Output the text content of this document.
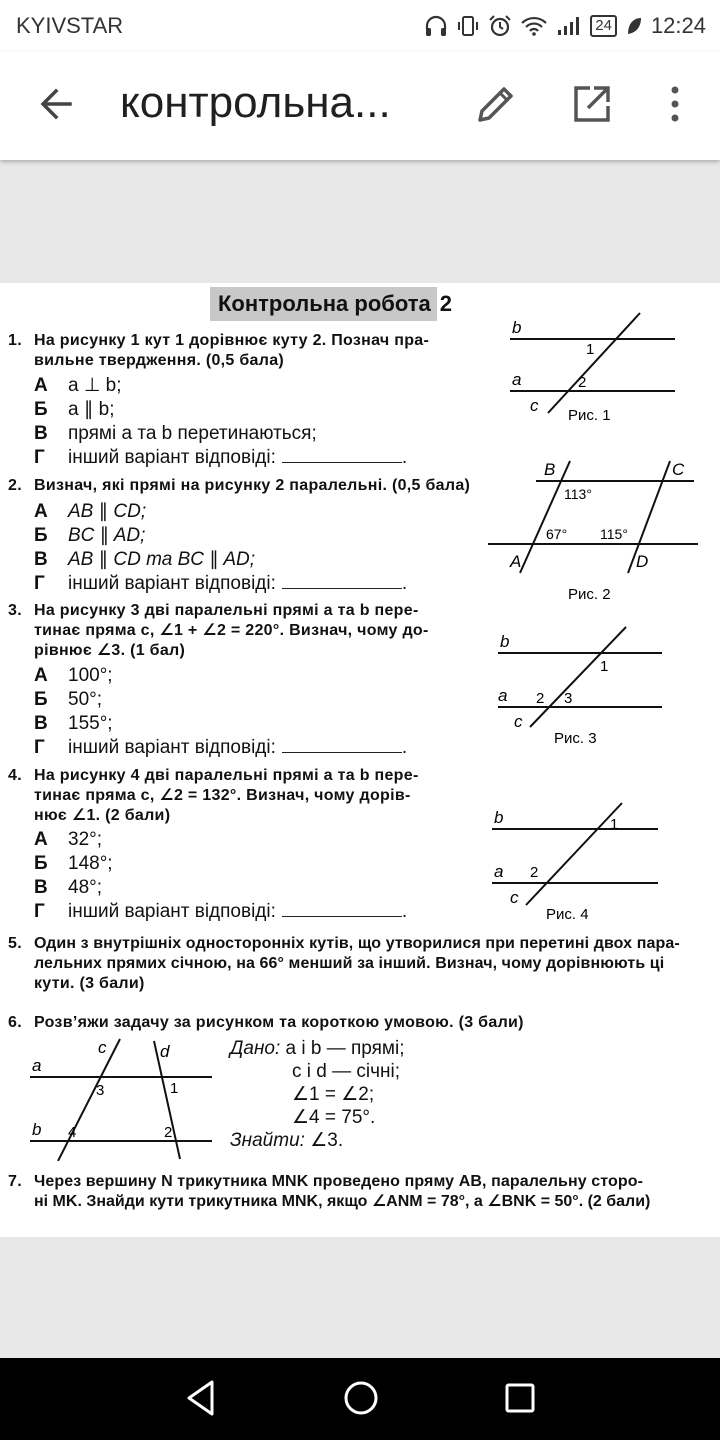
KYIVSTAR	24 12:24
контрольна...
Контрольна робота 2
1. На рисунку 1 кут 1 дорівнює куту 2. Познач пра-
вильне твердження. (0,5 бала)
А a ⊥ b;
Б a ∥ b;
В прямі a та b перетинаються;
Г інший варіант відповіді:	.
b
a
c
1
2
Рис. 1
2. Визнач, які прямі на рисунку 2 паралельні. (0,5 бала)
А AB ∥ CD;
Б BC ∥ AD;
В AB ∥ CD та BC ∥ AD;
Г інший варіант відповіді:	.
B	C
A	D
113°
67° 115°
Рис. 2
3. На рисунку 3 дві паралельні прямі a та b пере-
тинає пряма c, ∠1 + ∠2 = 220°. Визнач, чому до-
рівнює ∠3. (1 бал)
А 100°;
Б 50°;
В 155°;
Г інший варіант відповіді:	.
b
a
c
1
2 3
Рис. 3
4. На рисунку 4 дві паралельні прямі a та b пере-
тинає пряма c, ∠2 = 132°. Визнач, чому дорів-
нює ∠1. (2 бали)
А 32°;
Б 148°;
В 48°;
Г інший варіант відповіді:	.
b
a
c
1
2
Рис. 4
5. Один з внутрішніх односторонніх кутів, що утворилися при перетині двох пара-
лельних прямих січною, на 66° менший за інший. Визнач, чому дорівнюють ці
кути. (3 бали)
6. Розв’яжи задачу за рисунком та короткою умовою. (3 бали)
a
b
c	d
3	1
4	2
Дано: a і b — прямі;
c і d — січні;
∠1 = ∠2;
∠4 = 75°.
Знайти: ∠3.
7. Через вершину N трикутника MNK проведено пряму AB, паралельну сторо-
ні MK. Знайди кути трикутника MNK, якщо ∠ANM = 78°, а ∠BNK = 50°. (2 бали)
